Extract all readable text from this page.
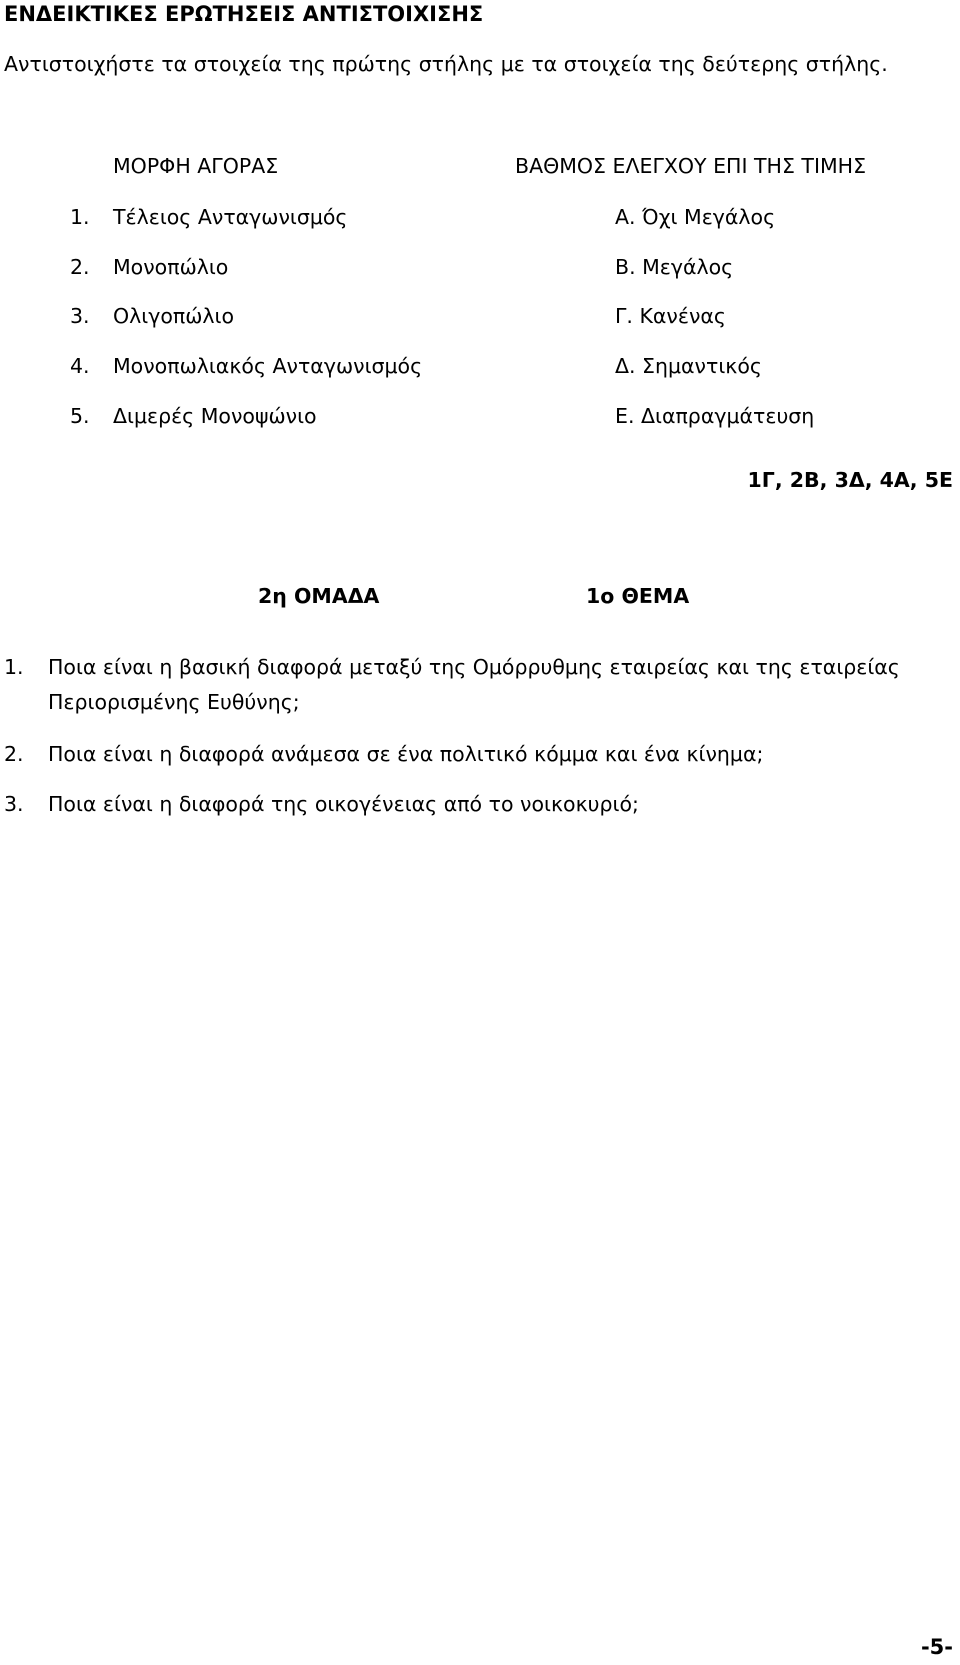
ΕΝΔΕΙΚΤΙΚΕΣ ΕΡΩΤΗΣΕΙΣ ΑΝΤΙΣΤΟΙΧΙΣΗΣ
Αντιστοιχήστε τα στοιχεία της πρώτης στήλης με τα στοιχεία της δεύτερης στήλης.
ΜΟΡΦΗ ΑΓΟΡΑΣ	ΒΑΘΜΟΣ ΕΛΕΓΧΟΥ ΕΠΙ ΤΗΣ ΤΙΜΗΣ
1. Τέλειος Ανταγωνισμός
2. Μονοπώλιο
3. Ολιγοπώλιο
4. Μονοπωλιακός Ανταγωνισμός
5. Διμερές Μονοψώνιο
Α. Όχι Μεγάλος
Β. Μεγάλος
Γ. Κανένας
Δ. Σημαντικός
Ε. Διαπραγμάτευση
1Γ, 2Β, 3Δ, 4Α, 5Ε
2η ΟΜΑΔΑ	1ο ΘΕΜΑ
1. Ποια είναι η βασική διαφορά μεταξύ της Ομόρρυθμης εταιρείας και της εταιρείας
Περιορισμένης Ευθύνης;
2. Ποια είναι η διαφορά ανάμεσα σε ένα πολιτικό κόμμα και ένα κίνημα;
3. Ποια είναι η διαφορά της οικογένειας από το νοικοκυριό;
-5-
